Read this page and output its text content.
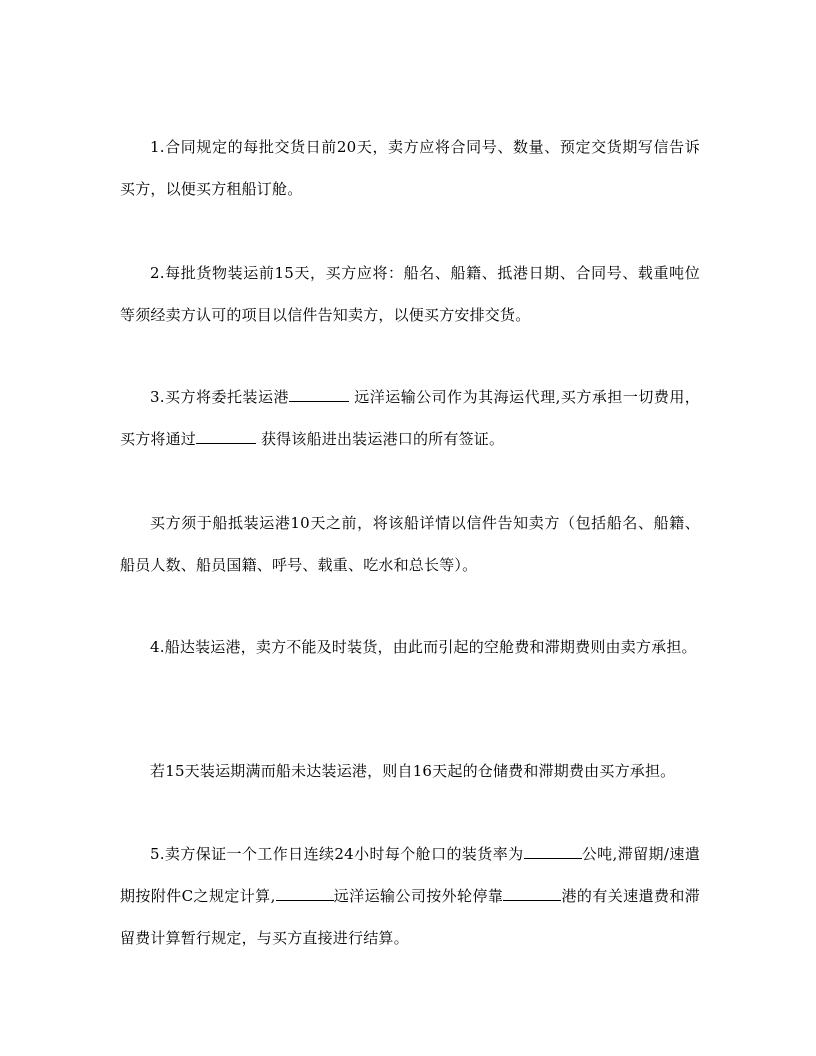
1.合同规定的每批交货日前20天，卖方应将合同号、数量、预定交货期写信告诉买方，以便买方租船订舱。

2.每批货物装运前15天，买方应将：船名、船籍、抵港日期、合同号、载重吨位等须经卖方认可的项目以信件告知卖方，以便买方安排交货。

3.买方将委托装运港	远洋运输公司作为其海运代理,买方承担一切费用，买方将通过	获得该船进出装运港口的所有签证。

买方须于船抵装运港10天之前，将该船详情以信件告知卖方（包括船名、船籍、船员人数、船员国籍、呼号、载重、吃水和总长等）。

4.船达装运港，卖方不能及时装货，由此而引起的空舱费和滞期费则由卖方承担。

若15天装运期满而船未达装运港，则自16天起的仓储费和滞期费由买方承担。

5.卖方保证一个工作日连续24小时每个舱口的装货率为	公吨,滞留期/速遣期按附件C之规定计算,	远洋运输公司按外轮停靠	港的有关速遣费和滞留费计算暂行规定，与买方直接进行结算。
